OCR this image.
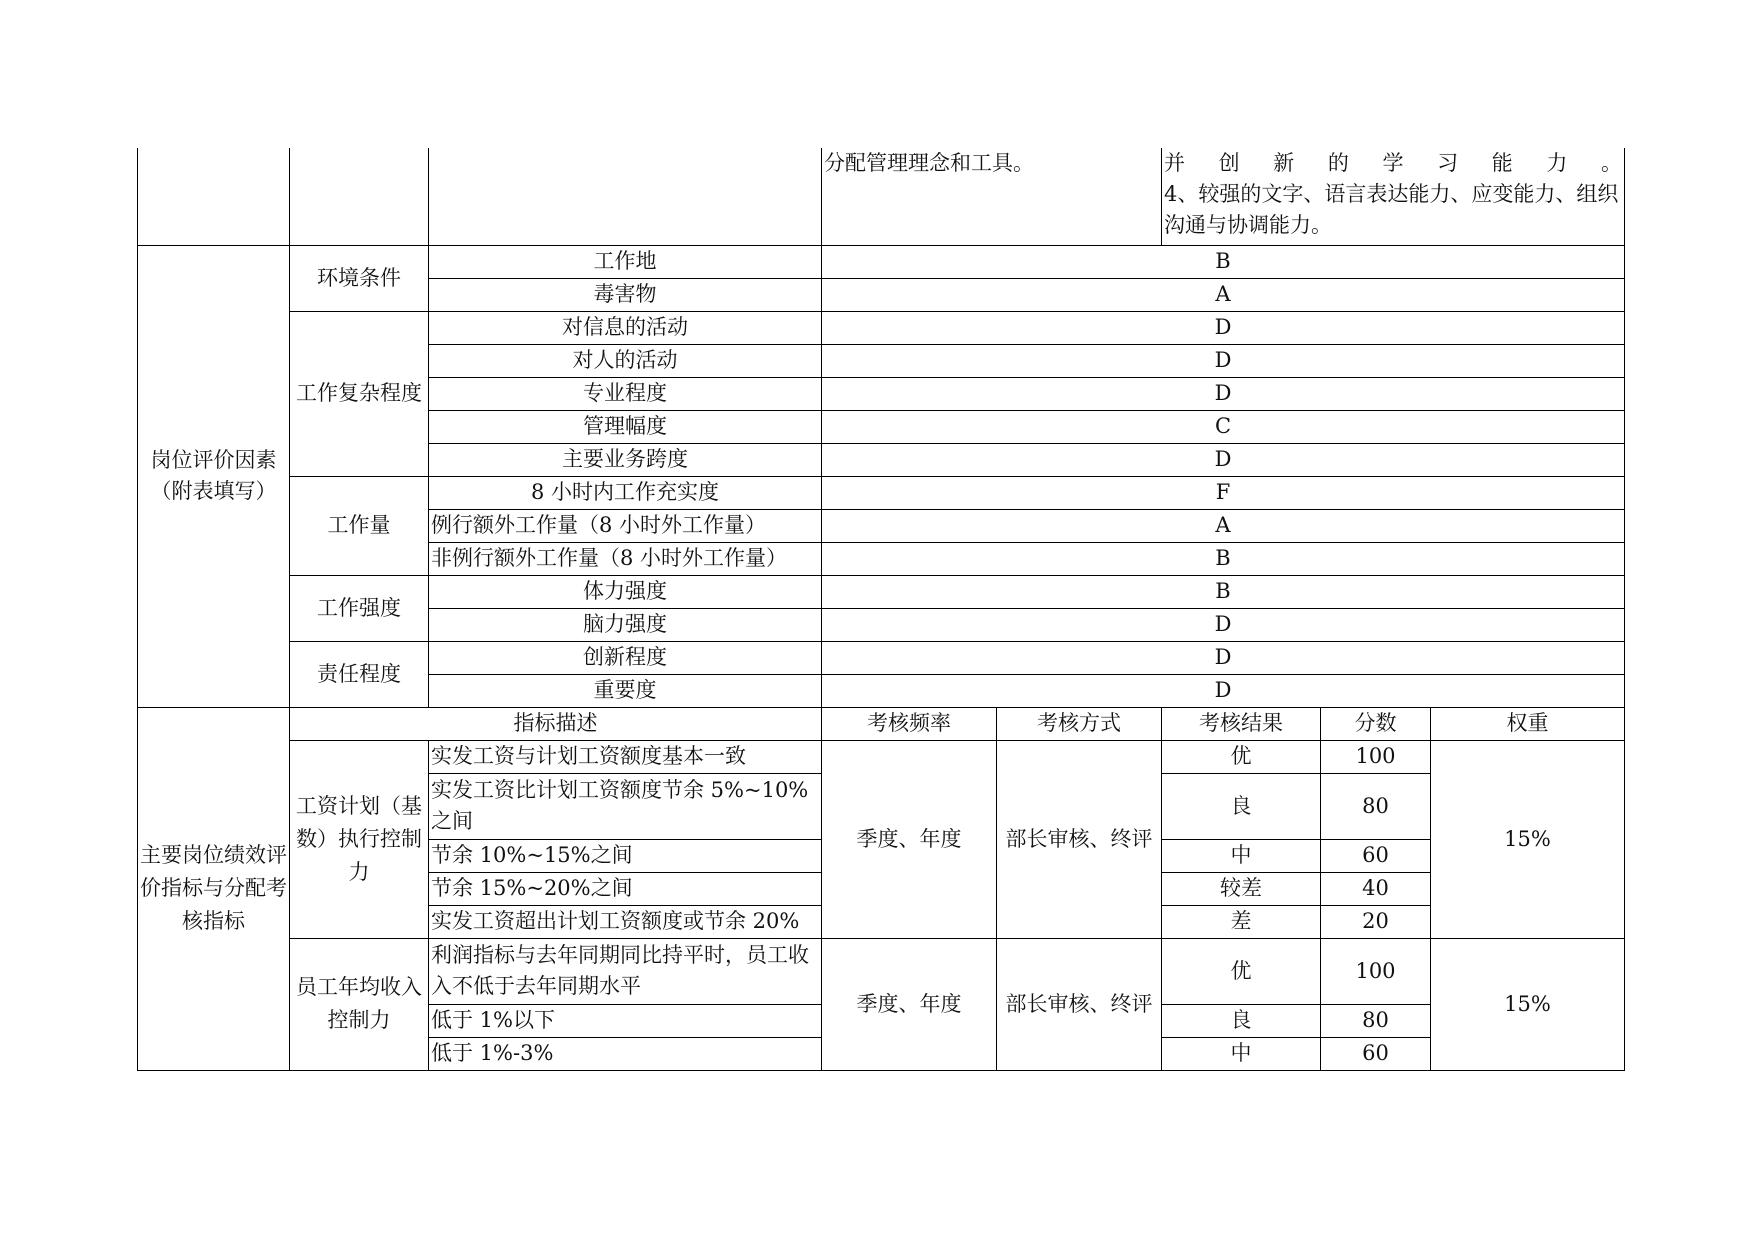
			分配管理理念和工具。		并创新的学习能力。
4、较强的文字、语言表达能力、应变能力、组织沟通与协调能力。		

岗位评价因素（附表填写）	环境条件	工作地	B				
		毒害物	A				
	工作复杂程度	对信息的活动	D				
		对人的活动	D				
		专业程度	D				
		管理幅度	C				
		主要业务跨度	D				
	工作量	8 小时内工作充实度	F				
		例行额外工作量（8 小时外工作量）	A				
		非例行额外工作量（8 小时外工作量）	B				
	工作强度	体力强度	B				
		脑力强度	D				
	责任程度	创新程度	D				
		重要度	D				
主要岗位绩效评价指标与分配考核指标	指标描述		考核频率	考核方式	考核结果	分数	权重
	工资计划（基数）执行控制力	实发工资与计划工资额度基本一致	季度、年度	部长审核、终评	优	100	15%
		实发工资比计划工资额度节余 5%~10%之间			良	80	
		节余 10%~15%之间			中	60	
		节余 15%~20%之间			较差	40	
		实发工资超出计划工资额度或节余 20%			差	20	
	员工年均收入控制力	利润指标与去年同期同比持平时，员工收入不低于去年同期水平	季度、年度	部长审核、终评	优	100	15%
		低于 1%以下			良	80	
		低于 1%-3%			中	60	
